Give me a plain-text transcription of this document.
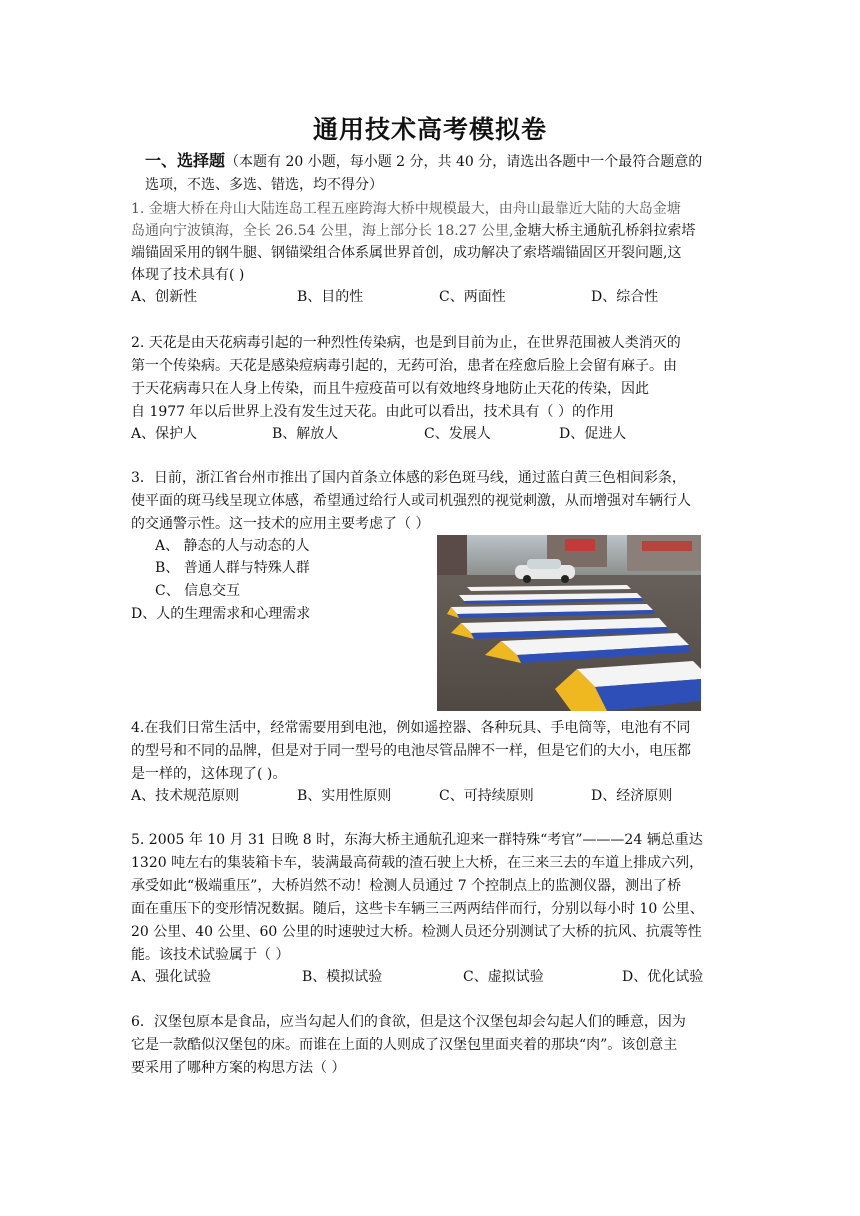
通用技术高考模拟卷
一、选择题（本题有 20 小题，每小题 2 分，共 40 分，请选出各题中一个最符合题意的
选项，不选、多选、错选，均不得分）
1. 金塘大桥在舟山大陆连岛工程五座跨海大桥中规模最大，由舟山最靠近大陆的大岛金塘
岛通向宁波镇海，全长 26.54 公里，海上部分长 18.27 公里,金塘大桥主通航孔桥斜拉索塔
端锚固采用的钢牛腿、钢锚梁组合体系属世界首创，成功解决了索塔端锚固区开裂问题,这
体现了技术具有( )
A、创新性	B、目的性	C、两面性	D、综合性
2. 天花是由天花病毒引起的一种烈性传染病，也是到目前为止，在世界范围被人类消灭的
第一个传染病。天花是感染痘病毒引起的，无药可治，患者在痊愈后脸上会留有麻子。由
于天花病毒只在人身上传染，而且牛痘疫苗可以有效地终身地防止天花的传染，因此
自 1977 年以后世界上没有发生过天花。由此可以看出，技术具有（ ）的作用
A、保护人	B、解放人	C、发展人	D、促进人
3．日前，浙江省台州市推出了国内首条立体感的彩色斑马线，通过蓝白黄三色相间彩条，
使平面的斑马线呈现立体感，希望通过给行人或司机强烈的视觉刺激，从而增强对车辆行人
的交通警示性。这一技术的应用主要考虑了（ ）
A、 静态的人与动态的人
B、 普通人群与特殊人群
C、 信息交互
D、人的生理需求和心理需求
4.在我们日常生活中，经常需要用到电池，例如遥控器、各种玩具、手电筒等，电池有不同
的型号和不同的品牌，但是对于同一型号的电池尽管品牌不一样，但是它们的大小，电压都
是一样的，这体现了( )。
A、技术规范原则	B、实用性原则	C、可持续原则	D、经济原则
5. 2005 年 10 月 31 日晚 8 时，东海大桥主通航孔迎来一群特殊“考官”———24 辆总重达
1320 吨左右的集装箱卡车，装满最高荷载的渣石驶上大桥，在三来三去的车道上排成六列，
承受如此“极端重压”，大桥岿然不动！检测人员通过 7 个控制点上的监测仪器，测出了桥
面在重压下的变形情况数据。随后，这些卡车辆三三两两结伴而行，分别以每小时 10 公里、
20 公里、40 公里、60 公里的时速驶过大桥。检测人员还分别测试了大桥的抗风、抗震等性
能。该技术试验属于（ ）
A、强化试验	B、模拟试验	C、虚拟试验	D、优化试验
6．汉堡包原本是食品，应当勾起人们的食欲，但是这个汉堡包却会勾起人们的睡意，因为
它是一款酷似汉堡包的床。而谁在上面的人则成了汉堡包里面夹着的那块“肉”。该创意主
要采用了哪种方案的构思方法（ ）
